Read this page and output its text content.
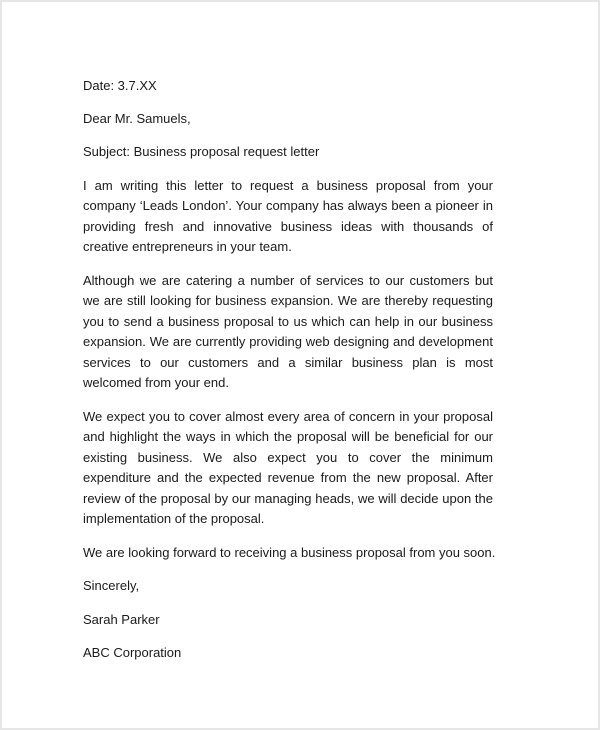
Date: 3.7.XX

Dear Mr. Samuels,

Subject: Business proposal request letter

I am writing this letter to request a business proposal from your company ‘Leads London’. Your company has always been a pioneer in providing fresh and innovative business ideas with thousands of creative entrepreneurs in your team.

Although we are catering a number of services to our customers but we are still looking for business expansion. We are thereby requesting you to send a business proposal to us which can help in our business expansion. We are currently providing web designing and development services to our customers and a similar business plan is most welcomed from your end.

We expect you to cover almost every area of concern in your proposal and highlight the ways in which the proposal will be beneficial for our existing business. We also expect you to cover the minimum expenditure and the expected revenue from the new proposal. After review of the proposal by our managing heads, we will decide upon the implementation of the proposal.

We are looking forward to receiving a business proposal from you soon.

Sincerely,

Sarah Parker

ABC Corporation
